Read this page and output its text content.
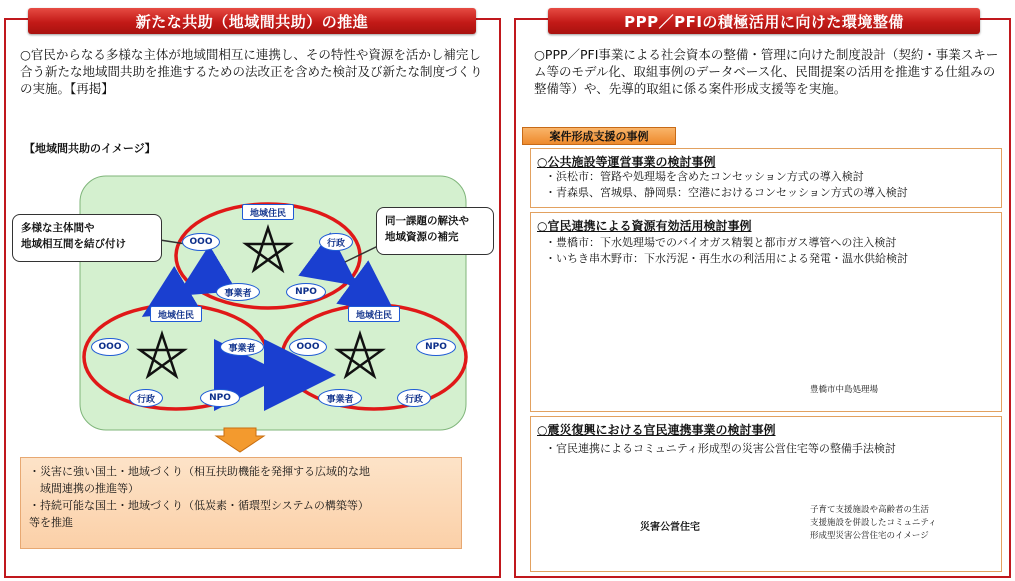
新たな共助（地域間共助）の推進	PPP／PFIの積極活用に向けた環境整備
○官民からなる多様な主体が地域間相互に連携し、その特性や資源を活かし補完し合う新たな地域間共助を推進するための法改正を含めた検討及び新たな制度づくりの実施。【再掲】
○PPP／PFI事業による社会資本の整備・管理に向けた制度設計（契約・事業スキーム等のモデル化、取組事例のデータベース化、民間提案の活用を推進する仕組みの整備等）や、先導的取組に係る案件形成支援等を実施。
【地域間共助のイメージ】
地域住民
OOO	行政
事業者	NPO
地域住民
OOO	事業者
行政	NPO
地域住民
OOO	NPO
事業者	行政
多様な主体間や
地域相互間を結び付け
同一課題の解決や
地域資源の補完
・災害に強い国土・地域づくり（相互扶助機能を発揮する広域的な地
　域間連携の推進等）
・持続可能な国土・地域づくり（低炭素・循環型システムの構築等）
等を推進
案件形成支援の事例
○公共施設等運営事業の検討事例
・浜松市：管路や処理場を含めたコンセッション方式の導入検討
・青森県、宮城県、静岡県：空港におけるコンセッション方式の導入検討
○官民連携による資源有効活用検討事例
・豊橋市：下水処理場でのバイオガス精製と都市ガス導管への注入検討
・いちき串木野市：下水汚泥・再生水の利活用による発電・温水供給検討
豊橋市中島処理場
○震災復興における官民連携事業の検討事例
・官民連携によるコミュニティ形成型の災害公営住宅等の整備手法検討
災害公営住宅
子育て支援施設や高齢者の生活
支援施設を併設したコミュニティ
形成型災害公営住宅のイメージ
